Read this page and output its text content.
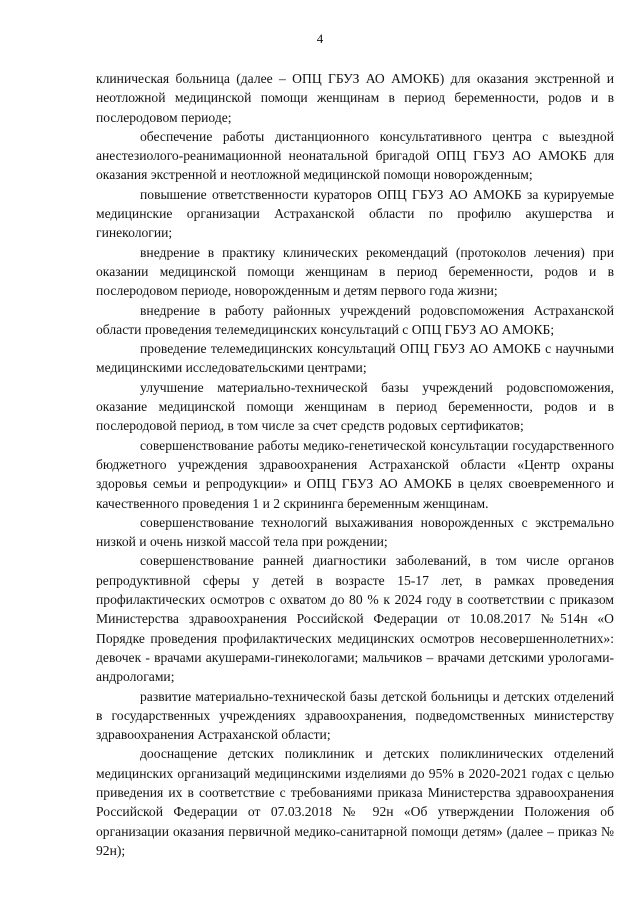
4

клиническая больница (далее – ОПЦ ГБУЗ АО АМОКБ) для оказания экстренной и неотложной медицинской помощи женщинам в период беременности, родов и в послеродовом периоде;

обеспечение работы дистанционного консультативного центра с выездной анестезиолого-реанимационной неонатальной бригадой ОПЦ ГБУЗ АО АМОКБ для оказания экстренной и неотложной медицинской помощи новорожденным;

повышение ответственности кураторов ОПЦ ГБУЗ АО АМОКБ за курируемые медицинские организации Астраханской области по профилю акушерства и гинекологии;

внедрение в практику клинических рекомендаций (протоколов лечения) при оказании медицинской помощи женщинам в период беременности, родов и в послеродовом периоде, новорожденным и детям первого года жизни;

внедрение в работу районных учреждений родовспоможения Астраханской области проведения телемедицинских консультаций с ОПЦ ГБУЗ АО АМОКБ;

проведение телемедицинских консультаций ОПЦ ГБУЗ АО АМОКБ с научными медицинскими исследовательскими центрами;

улучшение материально-технической базы учреждений родовспоможения, оказание медицинской помощи женщинам в период беременности, родов и в послеродовой период, в том числе за счет средств родовых сертификатов;

совершенствование работы медико-генетической консультации государственного бюджетного учреждения здравоохранения Астраханской области «Центр охраны здоровья семьи и репродукции» и ОПЦ ГБУЗ АО АМОКБ в целях своевременного и качественного проведения 1 и 2 скрининга беременным женщинам.

совершенствование технологий выхаживания новорожденных с экстремально низкой и очень низкой массой тела при рождении;

совершенствование ранней диагностики заболеваний, в том числе органов репродуктивной сферы у детей в возрасте 15-17 лет, в рамках проведения профилактических осмотров с охватом до 80 % к 2024 году в соответствии с приказом Министерства здравоохранения Российской Федерации от 10.08.2017 №514н «О Порядке проведения профилактических медицинских осмотров несовершеннолетних»: девочек - врачами акушерами-гинекологами; мальчиков – врачами детскими урологами-андрологами;

развитие материально-технической базы детской больницы и детских отделений в государственных учреждениях здравоохранения, подведомственных министерству здравоохранения Астраханской области;

дооснащение детских поликлиник и детских поликлинических отделений медицинских организаций медицинскими изделиями до 95% в 2020-2021 годах с целью приведения их в соответствие с требованиями приказа Министерства здравоохранения Российской Федерации от 07.03.2018 № 92н «Об утверждении Положения об организации оказания первичной медико-санитарной помощи детям» (далее – приказ № 92н);
